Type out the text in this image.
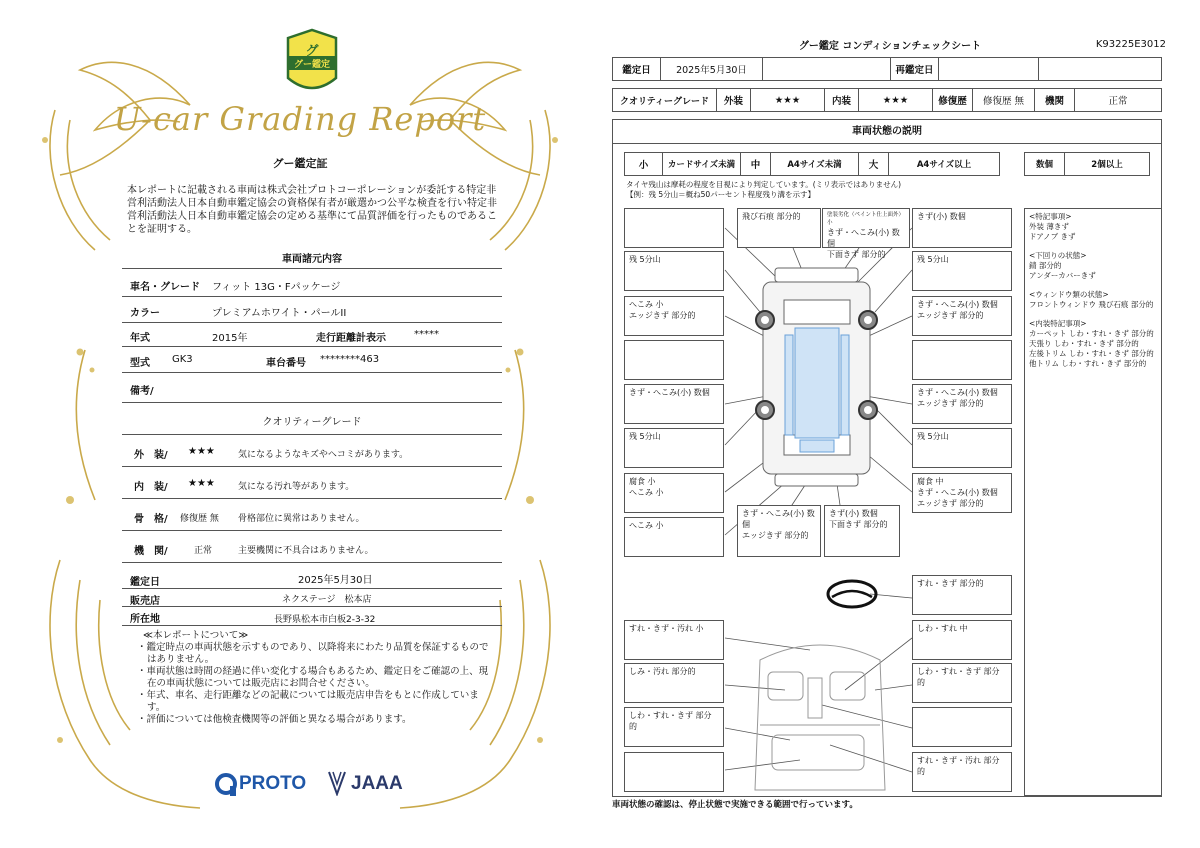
グ
グー鑑定
U-car Grading Report
グー鑑定証
本レポートに記載される車両は株式会社プロトコーポレーションが委託する特定非営利活動法人日本自動車鑑定協会の資格保有者が厳選かつ公平な検査を行い特定非営利活動法人日本自動車鑑定協会の定める基準にて品質評価を行ったものであることを証明する。
車両諸元内容
車名・グレード フィット 13G・Fパッケージ
カラー	プレミアムホワイト・パールII
年式	2015年	走行距離計表示	*****
型式 GK3	車台番号 ********463
備考/
クオリティーグレード
外　装/ ★★★	気になるようなキズやヘコミがあります。
内　装/ ★★★	気になる汚れ等があります。
骨　格/ 修復歴 無 骨格部位に異常はありません。
機　関/	正常	主要機関に不具合はありません。
鑑定日	2025年5月30日
販売店	ネクステージ　松本店
所在地	長野県松本市白板2-3-32
≪本レポートについて≫
・鑑定時点の車両状態を示すものであり、以降将来にわたり品質を保証するものではありません。
・車両状態は時間の経過に伴い変化する場合もあるため、鑑定日をご確認の上、現在の車両状態については販売店にお問合せください。
・年式、車名、走行距離などの記載については販売店申告をもとに作成しています。
・評価については他検査機関等の評価と異なる場合があります。
PROTO JAAA
グー鑑定 コンディションチェックシート	K93225E3012
鑑定日	2025年5月30日		再鑑定日		
クオリティーグレード	外装	★★★	内装	★★★	修復歴	修復歴 無	機関	正常
車両状態の説明
小	カードサイズ未満	中	A4サイズ未満	大	A4サイズ以上	数個	2個以上
タイヤ残山は摩耗の程度を目視により判定しています。(ミリ表示ではありません)
【例：残 5分山＝概ね50パーセント程度残り溝を示す】
飛び石痕 部分的	塗装劣化（ペイント仕上面外） 小
きず・へこみ(小) 数個
下面きず 部分的
きず(小) 数個
残 5分山
へこみ 小
エッジきず 部分的
きず・へこみ(小) 数個
残 5分山
腐食 小
へこみ 小
へこみ 小
残 5分山
きず・へこみ(小) 数個
エッジきず 部分的
きず・へこみ(小) 数個
エッジきず 部分的
残 5分山
腐食 中
きず・へこみ(小) 数個
エッジきず 部分的
きず・へこみ(小) 数個
エッジきず 部分的
きず(小) 数個
下面きず 部分的
すれ・きず 部分的
すれ・きず・汚れ 小
しみ・汚れ 部分的
しわ・すれ・きず 部分的
しわ・すれ 中
しわ・すれ・きず 部分的
すれ・きず・汚れ 部分的
<特記事項>
外装 薄きず
ドアノブ きず
<下回りの状態>
錆 部分的
アンダーカバーきず
<ウィンドウ類の状態>
フロントウィンドウ 飛び石痕 部分的
<内装特記事項>
カーペット しわ・すれ・きず 部分的
天張り しわ・すれ・きず 部分的
左後トリム しわ・すれ・きず 部分的
他トリム しわ・すれ・きず 部分的
車両状態の確認は、停止状態で実施できる範囲で行っています。
